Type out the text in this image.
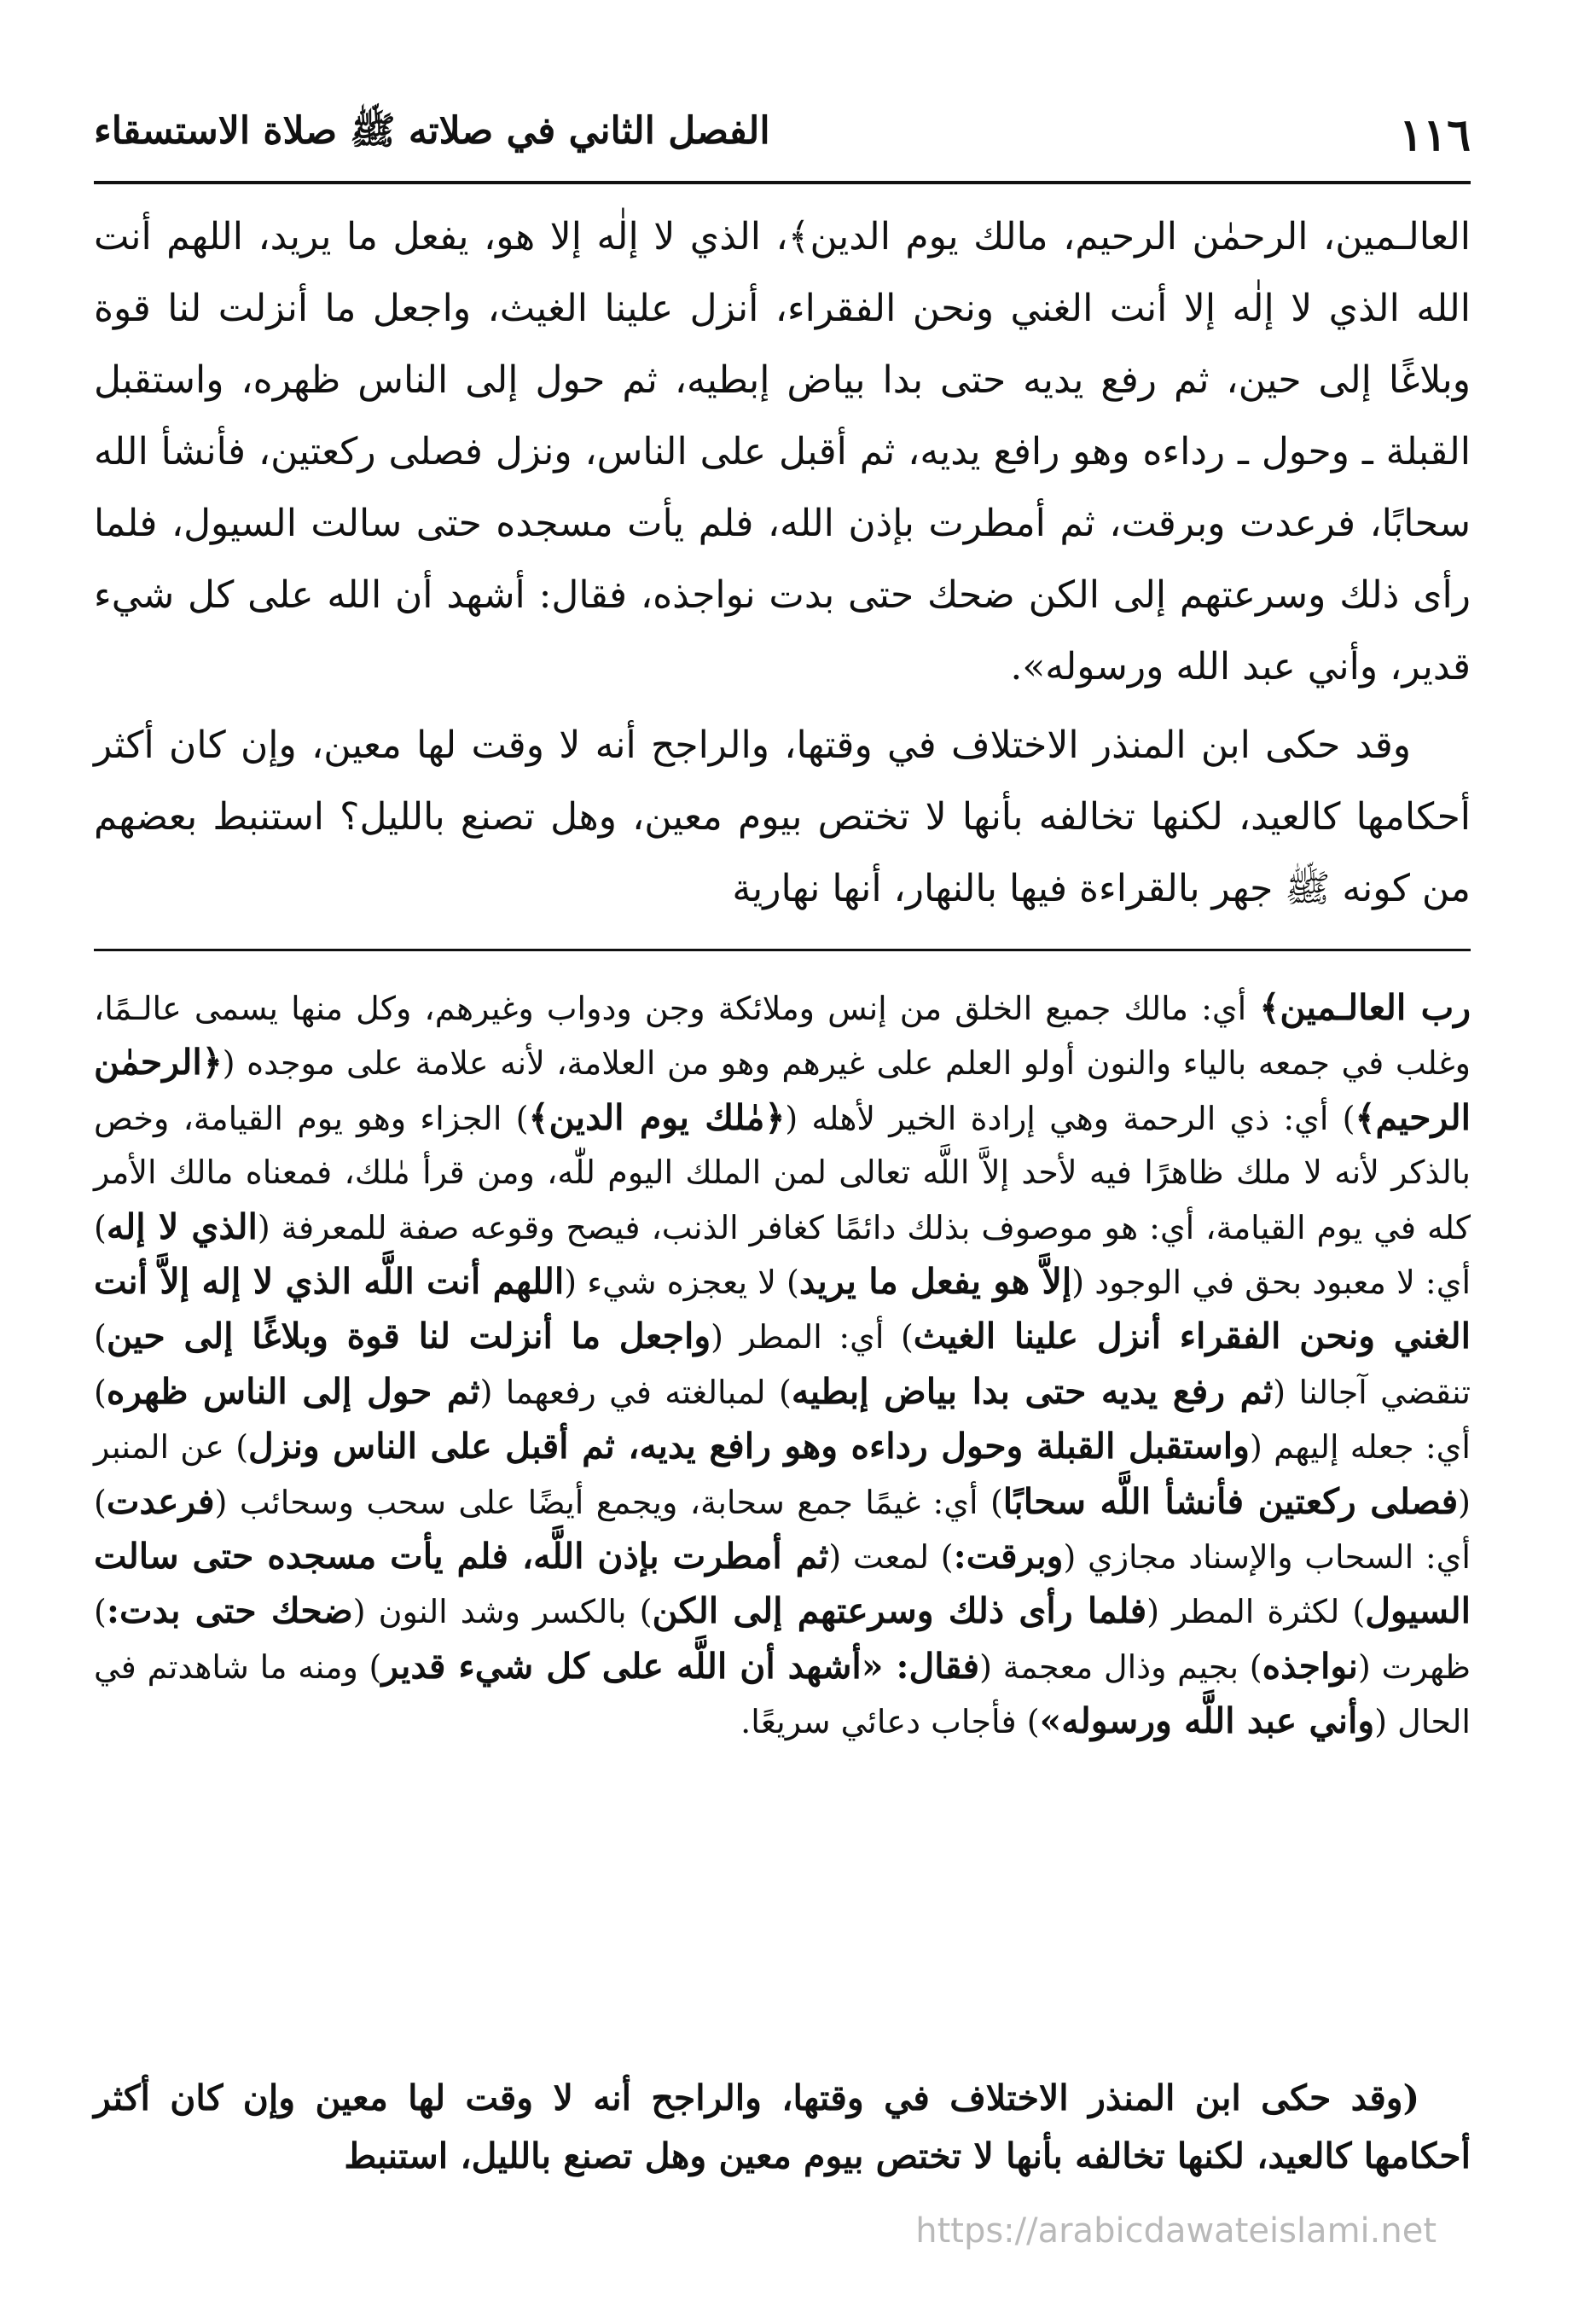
١١٦
الفصل الثاني في صلاته ﷺ صلاة الاستسقاء

العالـمين، الرحمٰن الرحيم، مالك يوم الدين﴾، الذي لا إلٰه إلا هو، يفعل ما يريد، اللهم أنت الله الذي لا إلٰه إلا أنت الغني ونحن الفقراء، أنزل علينا الغيث، واجعل ما أنزلت لنا قوة وبلاغًا إلى حين، ثم رفع يديه حتى بدا بياض إبطيه، ثم حول إلى الناس ظهره، واستقبل القبلة ـ وحول ـ رداءه وهو رافع يديه، ثم أقبل على الناس، ونزل فصلى ركعتين، فأنشأ الله سحابًا، فرعدت وبرقت، ثم أمطرت بإذن الله، فلم يأت مسجده حتى سالت السيول، فلما رأى ذلك وسرعتهم إلى الكن ضحك حتى بدت نواجذه، فقال: أشهد أن الله على كل شيء قدير، وأني عبد الله ورسوله».

وقد حكى ابن المنذر الاختلاف في وقتها، والراجح أنه لا وقت لها معين، وإن كان أكثر أحكامها كالعيد، لكنها تخالفه بأنها لا تختص بيوم معين، وهل تصنع بالليل؟ استنبط بعضهم من كونه ﷺ جهر بالقراءة فيها بالنهار، أنها نهارية

رب العالـمين﴾ أي: مالك جميع الخلق من إنس وملائكة وجن ودواب وغيرهم، وكل منها يسمى عالـمًا، وغلب في جمعه بالياء والنون أولو العلم على غيرهم وهو من العلامة، لأنه علامة على موجده (﴿الرحمٰن الرحيم﴾) أي: ذي الرحمة وهي إرادة الخير لأهله (﴿مٰلك يوم الدين﴾) الجزاء وهو يوم القيامة، وخص بالذكر لأنه لا ملك ظاهرًا فيه لأحد إلاَّ اللَّه تعالى لمن الملك اليوم للّٰه، ومن قرأ مٰلك، فمعناه مالك الأمر كله في يوم القيامة، أي: هو موصوف بذلك دائمًا كغافر الذنب، فيصح وقوعه صفة للمعرفة (الذي لا إله) أي: لا معبود بحق في الوجود (إلاَّ هو يفعل ما يريد) لا يعجزه شيء (اللهم أنت اللَّه الذي لا إله إلاَّ أنت الغني ونحن الفقراء أنزل علينا الغيث) أي: المطر (واجعل ما أنزلت لنا قوة وبلاغًا إلى حين) تنقضي آجالنا (ثم رفع يديه حتى بدا بياض إبطيه) لمبالغته في رفعهما (ثم حول إلى الناس ظهره) أي: جعله إليهم (واستقبل القبلة وحول رداءه وهو رافع يديه، ثم أقبل على الناس ونزل) عن المنبر (فصلى ركعتين فأنشأ اللَّه سحابًا) أي: غيمًا جمع سحابة، ويجمع أيضًا على سحب وسحائب (فرعدت) أي: السحاب والإسناد مجازي (وبرقت:) لمعت (ثم أمطرت بإذن اللَّه، فلم يأت مسجده حتى سالت السيول) لكثرة المطر (فلما رأى ذلك وسرعتهم إلى الكن) بالكسر وشد النون (ضحك حتى بدت:) ظهرت (نواجذه) بجيم وذال معجمة (فقال: «أشهد أن اللَّه على كل شيء قدير) ومنه ما شاهدتم في الحال (وأني عبد اللَّه ورسوله») فأجاب دعائي سريعًا.

(وقد حكى ابن المنذر الاختلاف في وقتها، والراجح أنه لا وقت لها معين وإن كان أكثر أحكامها كالعيد، لكنها تخالفه بأنها لا تختص بيوم معين وهل تصنع بالليل، استنبط

https://arabicdawateislami.net
